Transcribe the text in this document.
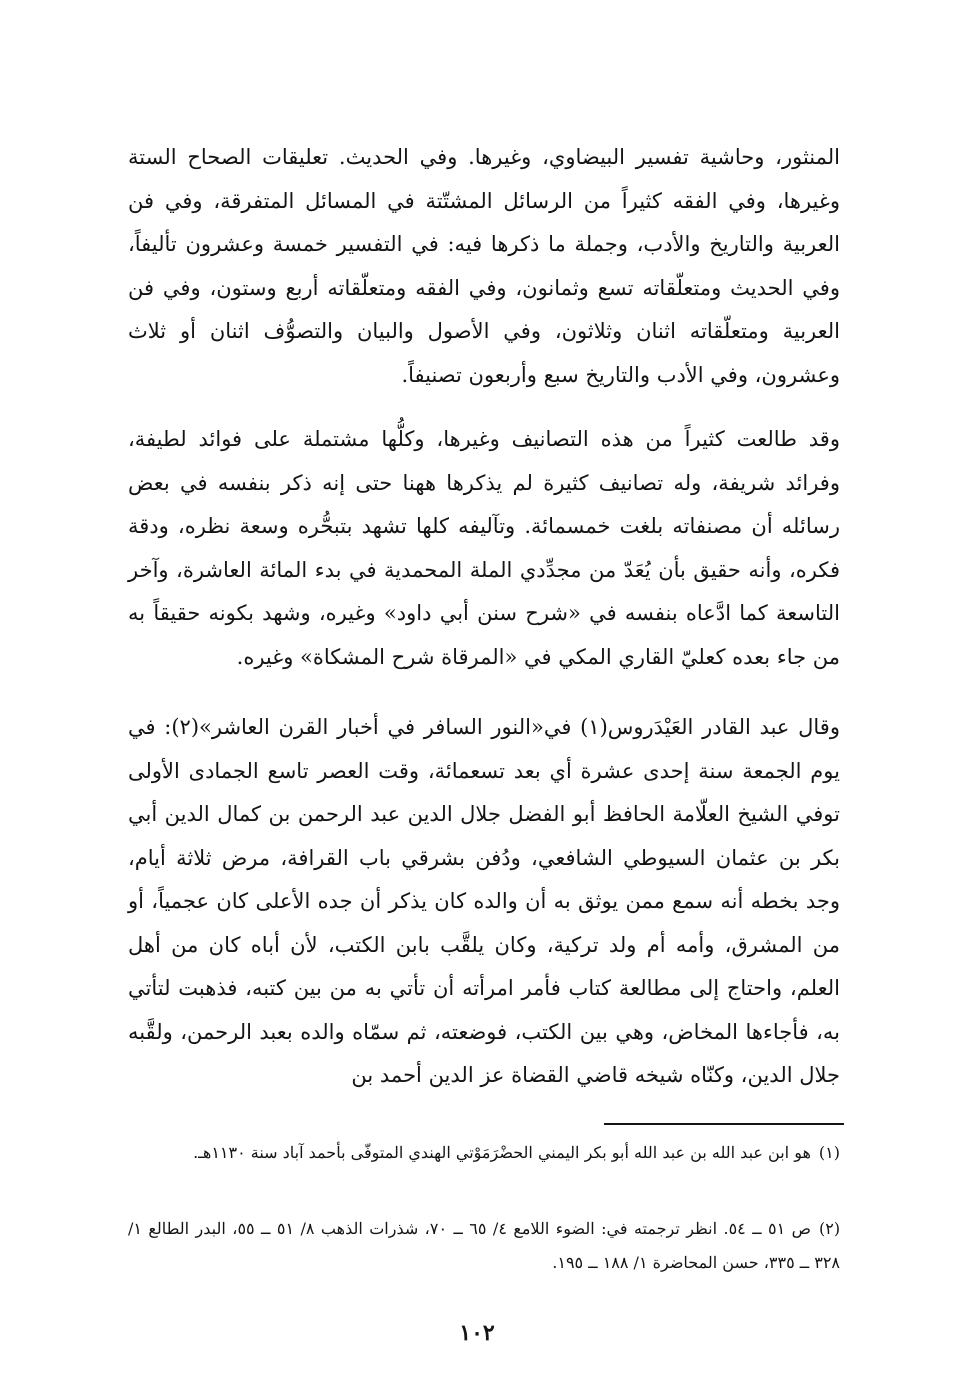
المنثور، وحاشية تفسير البيضاوي، وغيرها. وفي الحديث. تعليقات الصحاح الستة وغيرها، وفي الفقه كثيراً من الرسائل المشتّتة في المسائل المتفرقة، وفي فن العربية والتاريخ والأدب، وجملة ما ذكرها فيه: في التفسير خمسة وعشرون تأليفاً، وفي الحديث ومتعلّقاته تسع وثمانون، وفي الفقه ومتعلّقاته أربع وستون، وفي فن العربية ومتعلّقاته اثنان وثلاثون، وفي الأصول والبيان والتصوُّف اثنان أو ثلاث وعشرون، وفي الأدب والتاريخ سبع وأربعون تصنيفاً.

وقد طالعت كثيراً من هذه التصانيف وغيرها، وكلُّها مشتملة على فوائد لطيفة، وفرائد شريفة، وله تصانيف كثيرة لم يذكرها ههنا حتى إنه ذكر بنفسه في بعض رسائله أن مصنفاته بلغت خمسمائة. وتآليفه كلها تشهد بتبحُّره وسعة نظره، ودقة فكره، وأنه حقيق بأن يُعَدّ من مجدِّدي الملة المحمدية في بدء المائة العاشرة، وآخر التاسعة كما ادَّعاه بنفسه في «شرح سنن أبي داود» وغيره، وشهد بكونه حقيقاً به من جاء بعده كعليّ القاري المكي في «المرقاة شرح المشكاة» وغيره.

وقال عبد القادر العَيْدَروس(١) في«النور السافر في أخبار القرن العاشر»(٢): في يوم الجمعة سنة إحدى عشرة أي بعد تسعمائة، وقت العصر تاسع الجمادى الأولى توفي الشيخ العلّامة الحافظ أبو الفضل جلال الدين عبد الرحمن بن كمال الدين أبي بكر بن عثمان السيوطي الشافعي، ودُفن بشرقي باب القرافة، مرض ثلاثة أيام، وجد بخطه أنه سمع ممن يوثق به أن والده كان يذكر أن جده الأعلى كان عجمياً، أو من المشرق، وأمه أم ولد تركية، وكان يلقَّب بابن الكتب، لأن أباه كان من أهل العلم، واحتاج إلى مطالعة كتاب فأمر امرأته أن تأتي به من بين كتبه، فذهبت لتأتي به، فأجاءها المخاض، وهي بين الكتب، فوضعته، ثم سمّاه والده بعبد الرحمن، ولقَّبه جلال الدين، وكنّاه شيخه قاضي القضاة عز الدين أحمد بن

(١)هو ابن عبد الله بن عبد الله أبو بكر اليمني الحضْرَمَوْتي الهندي المتوفّى بأحمد آباد سنة ١١٣٠هـ.

(٢)ص ٥١ ــ ٥٤. انظر ترجمته في: الضوء اللامع ٤/ ٦٥ ــ ٧٠، شذرات الذهب ٨/ ٥١ ــ ٥٥، البدر الطالع ١/ ٣٢٨ ــ ٣٣٥، حسن المحاضرة ١/ ١٨٨ ــ ١٩٥.

١٠٢
